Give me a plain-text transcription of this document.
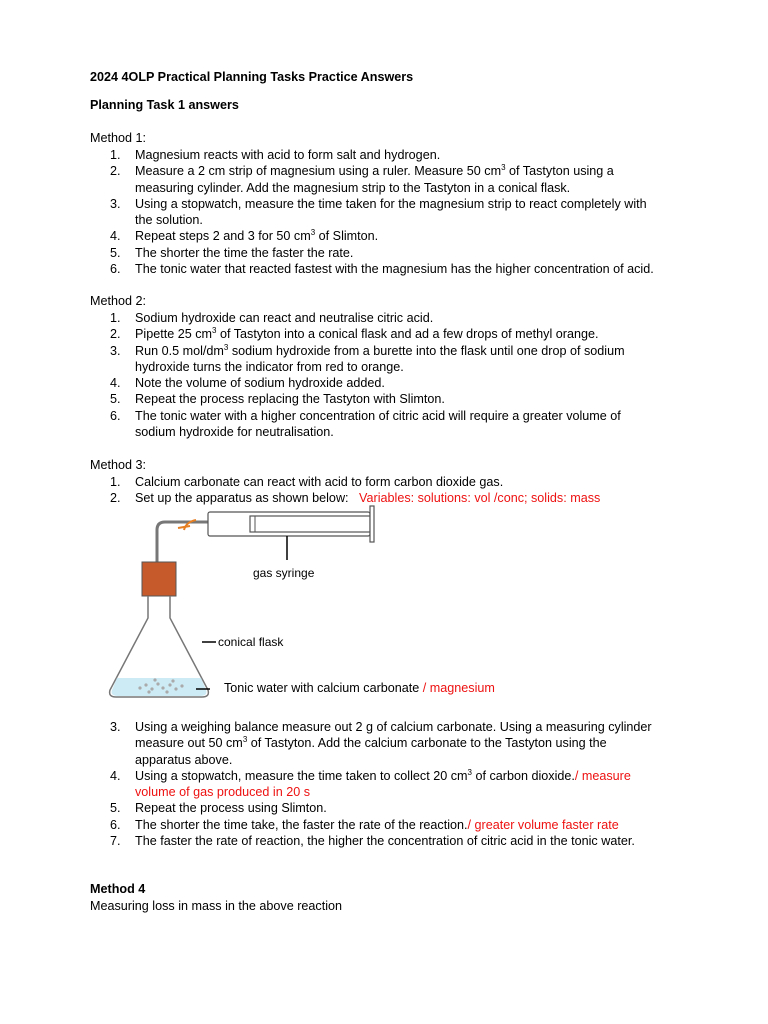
2024 4OLP Practical Planning Tasks Practice Answers
Planning Task 1 answers
Method 1:
1. Magnesium reacts with acid to form salt and hydrogen.
2. Measure a 2 cm strip of magnesium using a ruler. Measure 50 $cm^3$ of Tastyton using a
measuring cylinder. Add the magnesium strip to the Tastyton in a conical flask.
3. Using a stopwatch, measure the time taken for the magnesium strip to react completely with
the solution.
4. Repeat steps 2 and 3 for 50 $cm^3$ of Slimton.
5. The shorter the time the faster the rate.
6. The tonic water that reacted fastest with the magnesium has the higher concentration of acid.
Method 2:
1. Sodium hydroxide can react and neutralise citric acid.
2. Pipette 25 $cm^3$ of Tastyton into a conical flask and ad a few drops of methyl orange.
3. Run 0.5 mol/$dm^3$ sodium hydroxide from a burette into the flask until one drop of sodium
hydroxide turns the indicator from red to orange.
4. Note the volume of sodium hydroxide added.
5. Repeat the process replacing the Tastyton with Slimton.
6. The tonic water with a higher concentration of citric acid will require a greater volume of
sodium hydroxide for neutralisation.
Method 3:
1. Calcium carbonate can react with acid to form carbon dioxide gas.
2. Set up the apparatus as shown below: Variables: solutions: vol /conc; solids: mass
gas syringe
conical flask
Tonic water with calcium carbonate / magnesium
3. Using a weighing balance measure out 2 g of calcium carbonate. Using a measuring cylinder
measure out 50 $cm^3$ of Tastyton. Add the calcium carbonate to the Tastyton using the
apparatus above.
4. Using a stopwatch, measure the time taken to collect 20 $cm^3$ of carbon dioxide./ measure
volume of gas produced in 20 s
5. Repeat the process using Slimton.
6. The shorter the time take, the faster the rate of the reaction./ greater volume faster rate
7. The faster the rate of reaction, the higher the concentration of citric acid in the tonic water.
Method 4
Measuring loss in mass in the above reaction
